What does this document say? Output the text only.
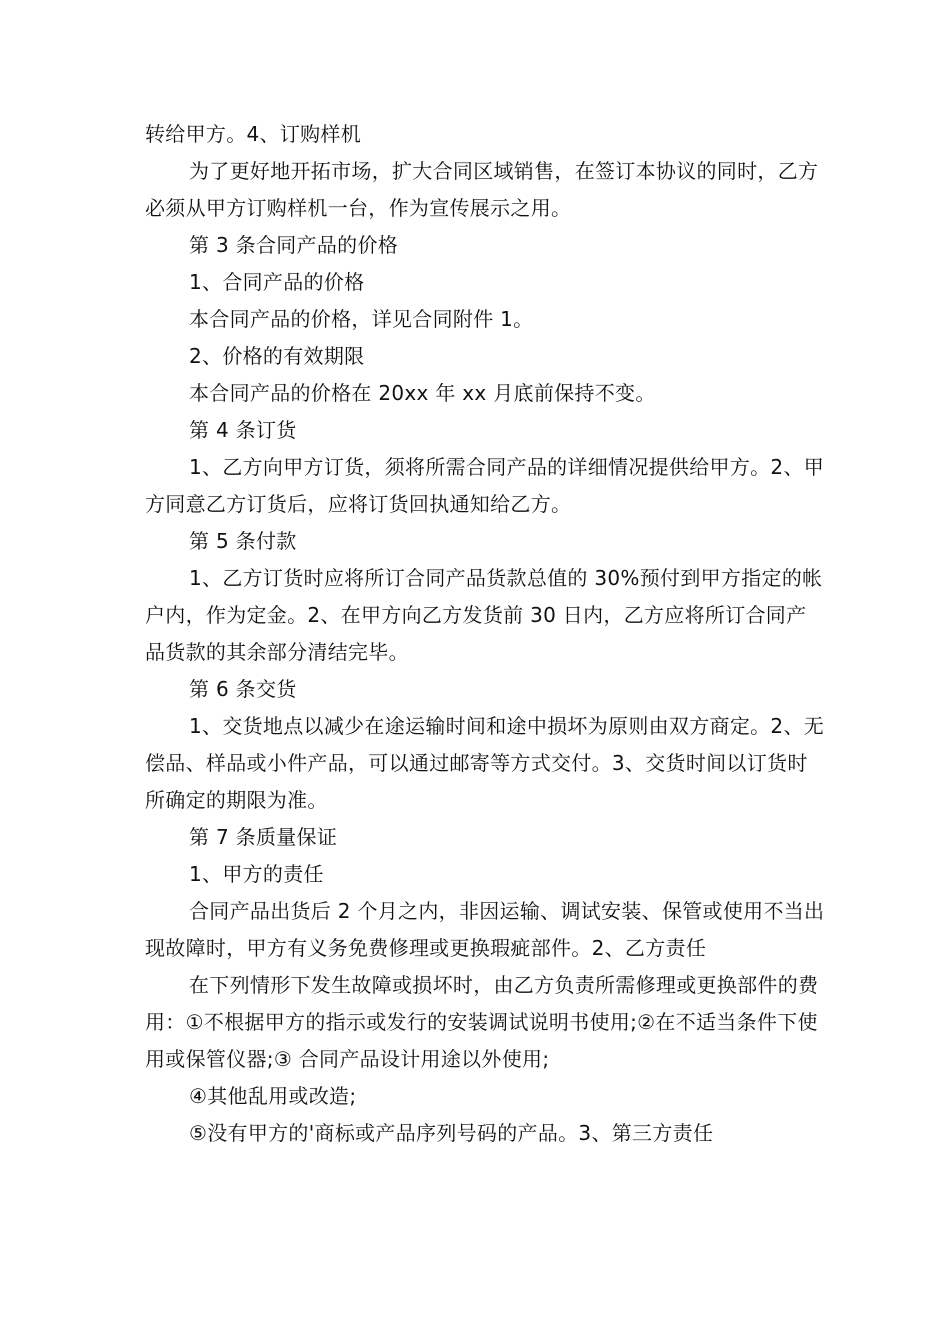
转给甲方。4、订购样机

为了更好地开拓市场，扩大合同区域销售，在签订本协议的同时，乙方必须从甲方订购样机一台，作为宣传展示之用。

第 3 条合同产品的价格

1、合同产品的价格

本合同产品的价格，详见合同附件 1。

2、价格的有效期限

本合同产品的价格在 20xx 年 xx 月底前保持不变。

第 4 条订货

1、乙方向甲方订货，须将所需合同产品的详细情况提供给甲方。2、甲方同意乙方订货后，应将订货回执通知给乙方。

第 5 条付款

1、乙方订货时应将所订合同产品货款总值的 30%预付到甲方指定的帐户内，作为定金。2、在甲方向乙方发货前 30 日内，乙方应将所订合同产品货款的其余部分清结完毕。

第 6 条交货

1、交货地点以减少在途运输时间和途中损坏为原则由双方商定。2、无偿品、样品或小件产品，可以通过邮寄等方式交付。3、交货时间以订货时所确定的期限为准。

第 7 条质量保证

1、甲方的责任

合同产品出货后 2 个月之内，非因运输、调试安装、保管或使用不当出现故障时，甲方有义务免费修理或更换瑕疵部件。2、乙方责任

在下列情形下发生故障或损坏时，由乙方负责所需修理或更换部件的费用：①不根据甲方的指示或发行的安装调试说明书使用;②在不适当条件下使用或保管仪器;③ 合同产品设计用途以外使用;

④其他乱用或改造;

⑤没有甲方的'商标或产品序列号码的产品。3、第三方责任
